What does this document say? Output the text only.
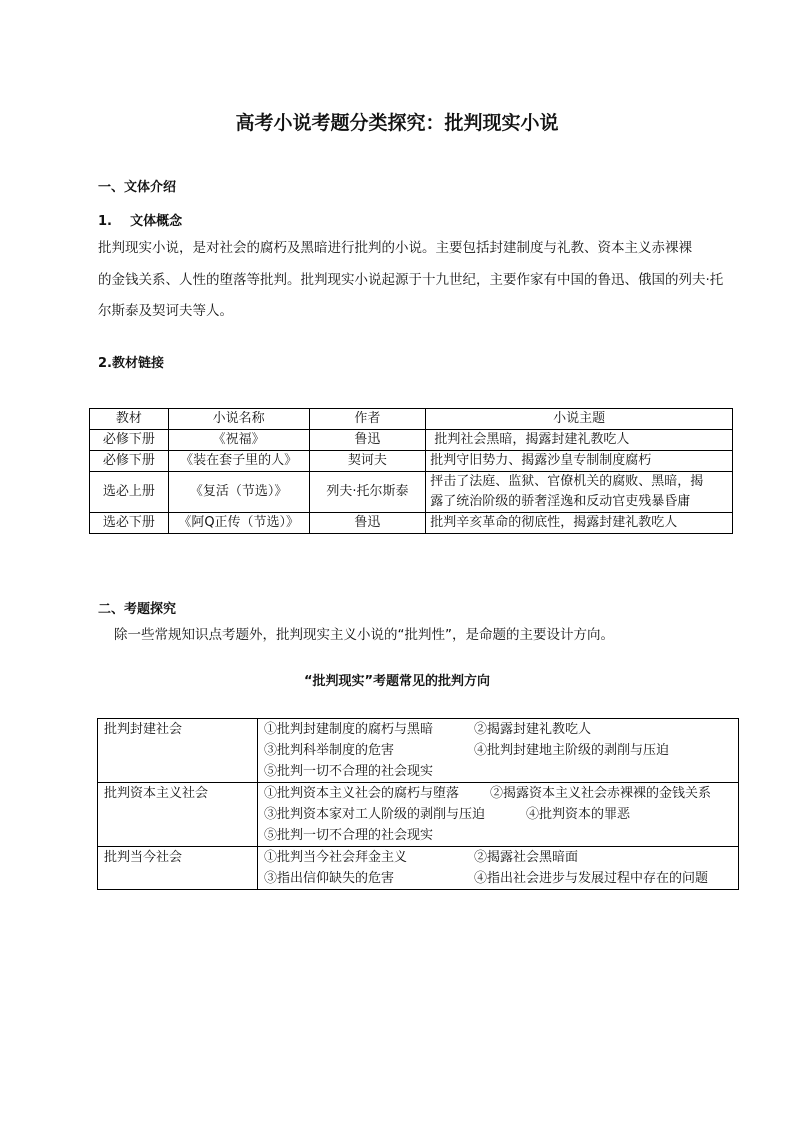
高考小说考题分类探究：批判现实小说
一、文体介绍
1.    文体概念
批判现实小说，是对社会的腐朽及黑暗进行批判的小说。主要包括封建制度与礼教、资本主义赤裸裸
的金钱关系、人性的堕落等批判。批判现实小说起源于十九世纪，主要作家有中国的鲁迅、俄国的列夫·托
尔斯泰及契诃夫等人。
2.教材链接
教材	小说名称	作者	小说主题
必修下册	《祝福》	鲁迅	批判社会黑暗，揭露封建礼教吃人
必修下册	《装在套子里的人》	契诃夫	批判守旧势力、揭露沙皇专制制度腐朽
选必上册	《复活（节选）》	列夫·托尔斯泰	抨击了法庭、监狱、官僚机关的腐败、黑暗，揭
露了统治阶级的骄奢淫逸和反动官吏残暴昏庸

选必下册	《阿Q正传（节选）》	鲁迅	批判辛亥革命的彻底性，揭露封建礼教吃人
二、考题探究
除一些常规知识点考题外，批判现实主义小说的“批判性”，是命题的主要设计方向。
“批判现实”考题常见的批判方向
批判封建社会	①批判封建制度的腐朽与黑暗 ②揭露封建礼教吃人
③批判科举制度的危害 ④批判封建地主阶级的剥削与压迫
⑤批判一切不合理的社会现实

批判资本主义社会	①批判资本主义社会的腐朽与堕落 ②揭露资本主义社会赤裸裸的金钱关系
③批判资本家对工人阶级的剥削与压迫 ④批判资本的罪恶
⑤批判一切不合理的社会现实

批判当今社会	①批判当今社会拜金主义 ②揭露社会黑暗面
③指出信仰缺失的危害 ④指出社会进步与发展过程中存在的问题
